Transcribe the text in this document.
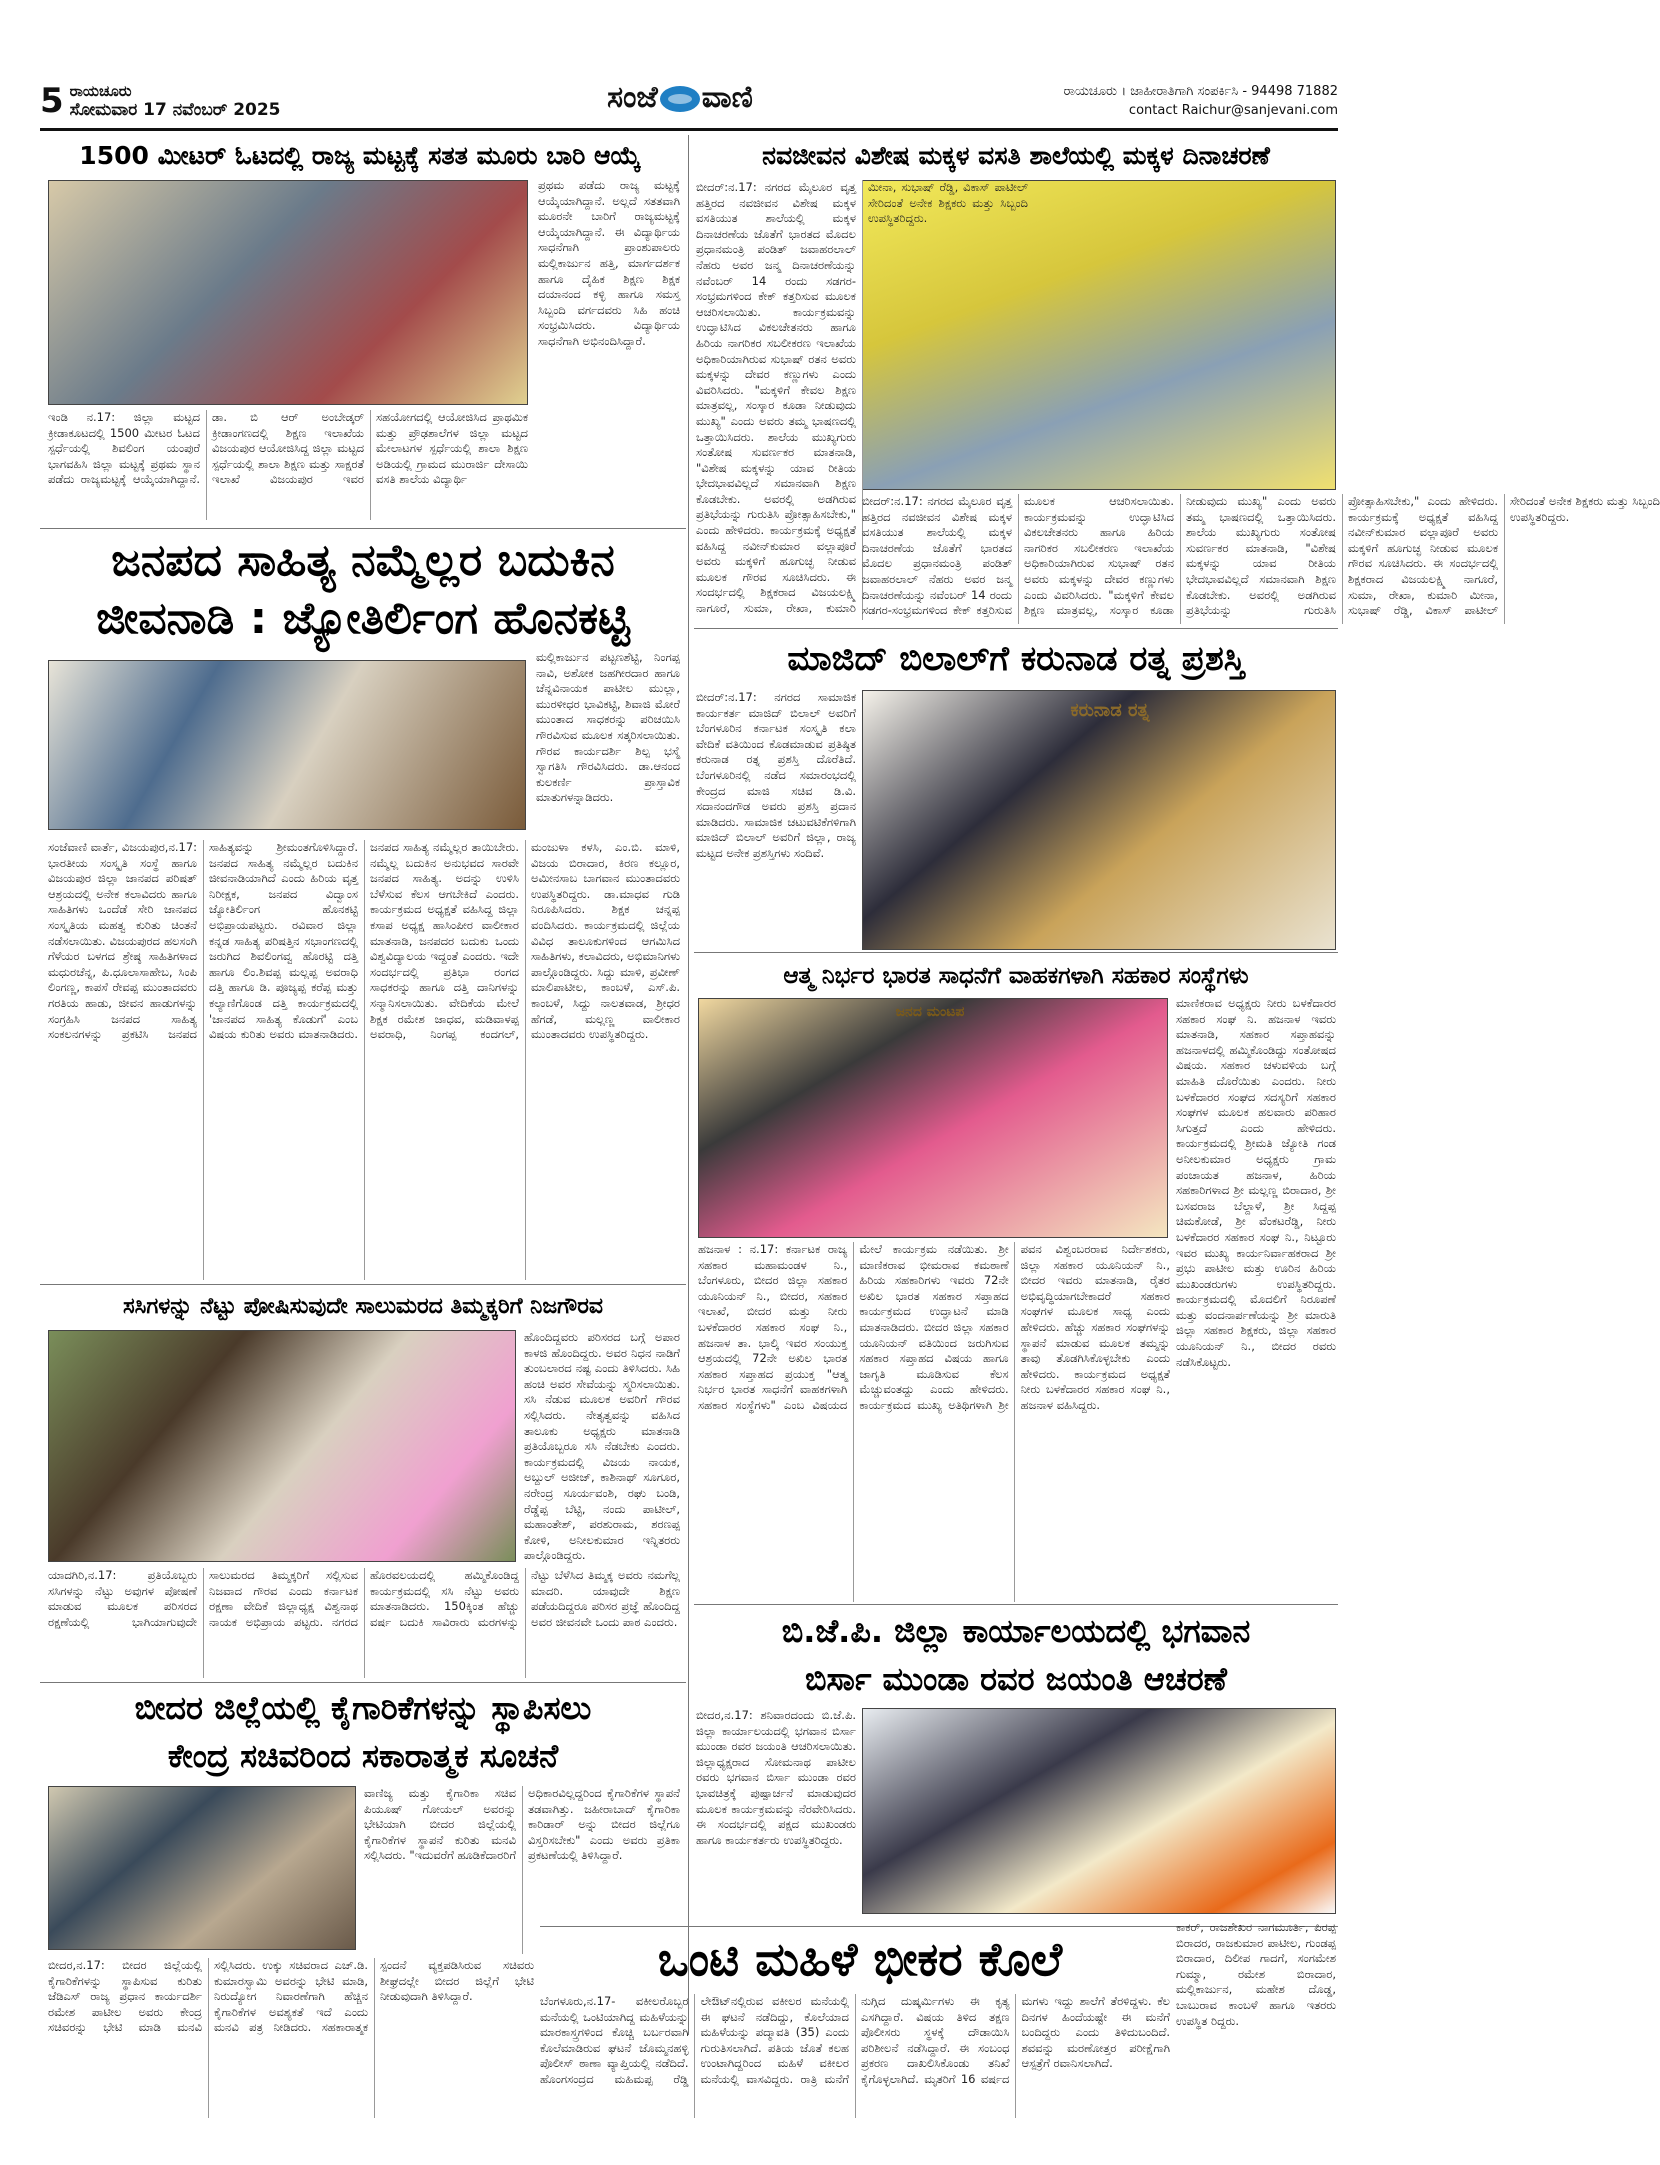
5 ರಾಯಚೂರು
ಸೋಮವಾರ 17 ನವೆಂಬರ್ 2025	ಸಂಜೆ ವಾಣಿ	ರಾಯಚೂರು । ಜಾಹೀರಾತಿಗಾಗಿ ಸಂಪರ್ಕಿಸಿ - 94498 71882
contact Raichur@sanjevani.com
1500 ಮೀಟರ್ ಓಟದಲ್ಲಿ ರಾಜ್ಯ ಮಟ್ಟಕ್ಕೆ ಸತತ ಮೂರು ಬಾರಿ ಆಯ್ಕೆ
ಇಂಡಿ ನ.17: ಜಿಲ್ಲಾ ಮಟ್ಟದ ಕ್ರೀಡಾಕೂಟದಲ್ಲಿ 1500 ಮೀಟರ ಓಟದ ಸ್ಪರ್ಧೆಯಲ್ಲಿ ಶಿವಲಿಂಗ ಯಂಪುರೆ ಭಾಗವಹಿಸಿ ಜಿಲ್ಲಾ ಮಟ್ಟಕ್ಕೆ ಪ್ರಥಮ ಸ್ಥಾನ ಪಡೆದು ರಾಜ್ಯಮಟ್ಟಕ್ಕೆ ಆಯ್ಕೆಯಾಗಿದ್ದಾನೆ. ಡಾ. ಬಿ ಆರ್ ಅಂಬೇಡ್ಕರ್ ಕ್ರೀಡಾಂಗಣದಲ್ಲಿ ಶಿಕ್ಷಣ ಇಲಾಖೆಯ ವಿಜಯಪುರ ಆಯೋಜಿಸಿದ್ದ ಜಿಲ್ಲಾ ಮಟ್ಟದ ಸ್ಪರ್ಧೆಯಲ್ಲಿ ಶಾಲಾ ಶಿಕ್ಷಣ ಮತ್ತು ಸಾಕ್ಷರತೆ ಇಲಾಖೆ ವಿಜಯಪುರ ಇವರ ಸಹಯೋಗದಲ್ಲಿ ಆಯೋಜಿಸಿದ ಪ್ರಾಥಮಿಕ ಮತ್ತು ಪ್ರೌಢಶಾಲೆಗಳ ಜಿಲ್ಲಾ ಮಟ್ಟದ ಮೇಲಾಟಗಳ ಸ್ಪರ್ಧೆಯಲ್ಲಿ ಶಾಲಾ ಶಿಕ್ಷಣ ಅಡಿಯಲ್ಲಿ ಗ್ರಾಮದ ಮುರಾರ್ಜಿ ದೇಸಾಯಿ ವಸತಿ ಶಾಲೆಯ ವಿದ್ಯಾರ್ಥಿ
ಪ್ರಥಮ ಪಡೆದು ರಾಜ್ಯ ಮಟ್ಟಕ್ಕೆ ಆಯ್ಕೆಯಾಗಿದ್ದಾನೆ. ಅಲ್ಲದೆ ಸತತವಾಗಿ ಮೂರನೇ ಬಾರಿಗೆ ರಾಜ್ಯಮಟ್ಟಕ್ಕೆ ಆಯ್ಕೆಯಾಗಿದ್ದಾನೆ. ಈ ವಿದ್ಯಾರ್ಥಿಯ ಸಾಧನೆಗಾಗಿ ಪ್ರಾಂಶುಪಾಲರು ಮಲ್ಲಿಕಾರ್ಜುನ ಹತ್ತಿ, ಮಾರ್ಗದರ್ಶಕ ಹಾಗೂ ದೈಹಿಕ ಶಿಕ್ಷಣ ಶಿಕ್ಷಕ ದಯಾನಂದ ಕಳ್ಳಿ ಹಾಗೂ ಸಮಸ್ತ ಸಿಬ್ಬಂದಿ ವರ್ಗದವರು ಸಿಹಿ ಹಂಚಿ ಸಂಭ್ರಮಿಸಿದರು. ವಿದ್ಯಾರ್ಥಿಯ ಸಾಧನೆಗಾಗಿ ಅಭಿನಂದಿಸಿದ್ದಾರೆ.
ನವಜೀವನ ವಿಶೇಷ ಮಕ್ಕಳ ವಸತಿ ಶಾಲೆಯಲ್ಲಿ ಮಕ್ಕಳ ದಿನಾಚರಣೆ
ಬೀದರ್:ನ.17: ನಗರದ ಮೈಲೂರ ವೃತ್ತ ಹತ್ತಿರದ ನವಜೀವನ ವಿಶೇಷ ಮಕ್ಕಳ ವಸತಿಯುತ ಶಾಲೆಯಲ್ಲಿ ಮಕ್ಕಳ ದಿನಾಚರಣೆಯ ಜೊತೆಗೆ ಭಾರತದ ಮೊದಲ ಪ್ರಧಾನಮಂತ್ರಿ ಪಂಡಿತ್ ಜವಾಹರಲಾಲ್ ನೆಹರು ಅವರ ಜನ್ಮ ದಿನಾಚರಣೆಯನ್ನು ನವೆಂಬರ್ 14 ರಂದು ಸಡಗರ-ಸಂಭ್ರಮಗಳಿಂದ ಕೇಕ್ ಕತ್ತರಿಸುವ ಮೂಲಕ ಆಚರಿಸಲಾಯಿತು. ಕಾರ್ಯಕ್ರಮವನ್ನು ಉದ್ಘಾಟಿಸಿದ ವಿಕಲಚೇತನರು ಹಾಗೂ ಹಿರಿಯ ನಾಗರಿಕರ ಸಬಲೀಕರಣ ಇಲಾಖೆಯ ಅಧಿಕಾರಿಯಾಗಿರುವ ಸುಭಾಷ್ ರತನ ಅವರು ಮಕ್ಕಳನ್ನು ದೇವರ ಕಣ್ಣುಗಳು ಎಂದು ವಿವರಿಸಿದರು. "ಮಕ್ಕಳಿಗೆ ಕೇವಲ ಶಿಕ್ಷಣ ಮಾತ್ರವಲ್ಲ, ಸಂಸ್ಕಾರ ಕೂಡಾ ನೀಡುವುದು ಮುಖ್ಯ" ಎಂದು ಅವರು ತಮ್ಮ ಭಾಷಣದಲ್ಲಿ ಒತ್ತಾಯಿಸಿದರು. ಶಾಲೆಯ ಮುಖ್ಯಗುರು ಸಂತೋಷ ಸುವರ್ಣಕರ ಮಾತನಾಡಿ, "ವಿಶೇಷ ಮಕ್ಕಳನ್ನು ಯಾವ ರೀತಿಯ ಭೇದಭಾವವಿಲ್ಲದೆ ಸಮಾನವಾಗಿ ಶಿಕ್ಷಣ ಕೊಡಬೇಕು. ಅವರಲ್ಲಿ ಅಡಗಿರುವ ಪ್ರತಿಭೆಯನ್ನು ಗುರುತಿಸಿ ಪ್ರೋತ್ಸಾಹಿಸಬೇಕು," ಎಂದು ಹೇಳಿದರು. ಕಾರ್ಯಕ್ರಮಕ್ಕೆ ಅಧ್ಯಕ್ಷತೆ ವಹಿಸಿದ್ದ ನವೀನ್‌ಕುಮಾರ ವಲ್ಲಾಪೂರೆ ಅವರು ಮಕ್ಕಳಿಗೆ ಹೂಗುಚ್ಛ ನೀಡುವ ಮೂಲಕ ಗೌರವ ಸೂಚಿಸಿದರು. ಈ ಸಂದರ್ಭದಲ್ಲಿ ಶಿಕ್ಷಕರಾದ ವಿಜಯಲಕ್ಷ್ಮಿ ನಾಗೂರೆ, ಸುಮಾ, ರೇಖಾ, ಕುಮಾರಿ
ಬೀದರ್:ನ.17: ನಗರದ ಮೈಲೂರ ವೃತ್ತ ಹತ್ತಿರದ ನವಜೀವನ ವಿಶೇಷ ಮಕ್ಕಳ ವಸತಿಯುತ ಶಾಲೆಯಲ್ಲಿ ಮಕ್ಕಳ ದಿನಾಚರಣೆಯ ಜೊತೆಗೆ ಭಾರತದ ಮೊದಲ ಪ್ರಧಾನಮಂತ್ರಿ ಪಂಡಿತ್ ಜವಾಹರಲಾಲ್ ನೆಹರು ಅವರ ಜನ್ಮ ದಿನಾಚರಣೆಯನ್ನು ನವೆಂಬರ್ 14 ರಂದು ಸಡಗರ-ಸಂಭ್ರಮಗಳಿಂದ ಕೇಕ್ ಕತ್ತರಿಸುವ ಮೂಲಕ ಆಚರಿಸಲಾಯಿತು. ಕಾರ್ಯಕ್ರಮವನ್ನು ಉದ್ಘಾಟಿಸಿದ ವಿಕಲಚೇತನರು ಹಾಗೂ ಹಿರಿಯ ನಾಗರಿಕರ ಸಬಲೀಕರಣ ಇಲಾಖೆಯ ಅಧಿಕಾರಿಯಾಗಿರುವ ಸುಭಾಷ್ ರತನ ಅವರು ಮಕ್ಕಳನ್ನು ದೇವರ ಕಣ್ಣುಗಳು ಎಂದು ವಿವರಿಸಿದರು. "ಮಕ್ಕಳಿಗೆ ಕೇವಲ ಶಿಕ್ಷಣ ಮಾತ್ರವಲ್ಲ, ಸಂಸ್ಕಾರ ಕೂಡಾ ನೀಡುವುದು ಮುಖ್ಯ" ಎಂದು ಅವರು ತಮ್ಮ ಭಾಷಣದಲ್ಲಿ ಒತ್ತಾಯಿಸಿದರು. ಶಾಲೆಯ ಮುಖ್ಯಗುರು ಸಂತೋಷ ಸುವರ್ಣಕರ ಮಾತನಾಡಿ, "ವಿಶೇಷ ಮಕ್ಕಳನ್ನು ಯಾವ ರೀತಿಯ ಭೇದಭಾವವಿಲ್ಲದೆ ಸಮಾನವಾಗಿ ಶಿಕ್ಷಣ ಕೊಡಬೇಕು. ಅವರಲ್ಲಿ ಅಡಗಿರುವ ಪ್ರತಿಭೆಯನ್ನು ಗುರುತಿಸಿ ಪ್ರೋತ್ಸಾಹಿಸಬೇಕು," ಎಂದು ಹೇಳಿದರು. ಕಾರ್ಯಕ್ರಮಕ್ಕೆ ಅಧ್ಯಕ್ಷತೆ ವಹಿಸಿದ್ದ ನವೀನ್‌ಕುಮಾರ ವಲ್ಲಾಪೂರೆ ಅವರು ಮಕ್ಕಳಿಗೆ ಹೂಗುಚ್ಛ ನೀಡುವ ಮೂಲಕ ಗೌರವ ಸೂಚಿಸಿದರು. ಈ ಸಂದರ್ಭದಲ್ಲಿ ಶಿಕ್ಷಕರಾದ ವಿಜಯಲಕ್ಷ್ಮಿ ನಾಗೂರೆ, ಸುಮಾ, ರೇಖಾ, ಕುಮಾರಿ ಮೀನಾ, ಸುಭಾಷ್ ರೆಡ್ಡಿ, ವಿಕಾಸ್ ಪಾಟೀಲ್ ಸೇರಿದಂತೆ ಅನೇಕ ಶಿಕ್ಷಕರು ಮತ್ತು ಸಿಬ್ಬಂದಿ ಉಪಸ್ಥಿತರಿದ್ದರು.
ಜನಪದ ಸಾಹಿತ್ಯ ನಮ್ಮೆಲ್ಲರ ಬದುಕಿನ
ಜೀವನಾಡಿ : ಜ್ಯೋತಿರ್ಲಿಂಗ ಹೊನಕಟ್ಟಿ
ಮಲ್ಲಿಕಾರ್ಜುನ ಪಟ್ಟಣಶೆಟ್ಟಿ, ನಿಂಗಪ್ಪ ನಾವಿ, ಅಶೋಕ ಜಹಗೀರದಾರ ಹಾಗೂ ಚೆನ್ನವಿನಾಯಕ ಪಾಟೀಲ ಮುಲ್ಲಾ, ಮುರಳೀಧರ ಭಾವಿಕಟ್ಟಿ, ಶಿವಾಜಿ ಮೋರೆ ಮುಂತಾದ ಸಾಧಕರನ್ನು ಪರಿಚಯಿಸಿ ಗೌರವಿಸುವ ಮೂಲಕ ಸತ್ಕರಿಸಲಾಯಿತು. ಗೌರವ ಕಾರ್ಯದರ್ಶಿ ಶಿಲ್ಪ ಭಸ್ಮೆ ಸ್ವಾಗತಿಸಿ ಗೌರವಿಸಿದರು. ಡಾ.ಆನಂದ ಕುಲಕರ್ಣಿ ಪ್ರಾಸ್ತಾವಿಕ ಮಾತುಗಳನ್ನಾಡಿದರು.
ಸಂಜೆವಾಣಿ ವಾರ್ತೆ, ವಿಜಯಪುರ,ನ.17: ಭಾರತೀಯ ಸಂಸ್ಕೃತಿ ಸಂಸ್ಥೆ ಹಾಗೂ ವಿಜಯಪುರ ಜಿಲ್ಲಾ ಜಾನಪದ ಪರಿಷತ್ ಆಶ್ರಯದಲ್ಲಿ ಅನೇಕ ಕಲಾವಿದರು ಹಾಗೂ ಸಾಹಿತಿಗಳು ಒಂದೆಡೆ ಸೇರಿ ಜಾನಪದ ಸಂಸ್ಕೃತಿಯ ಮಹತ್ವ ಕುರಿತು ಚಿಂತನೆ ನಡೆಸಲಾಯಿತು. ವಿಜಯಪುರದ ಹಲಸಂಗಿ ಗೆಳೆಯರ ಬಳಗದ ಶ್ರೇಷ್ಠ ಸಾಹಿತಿಗಳಾದ ಮಧುರಚೆನ್ನ, ಪಿ.ಧೂಲಾಸಾಹೇಬ, ಸಿಂಪಿ ಲಿಂಗಣ್ಣ, ಕಾಪಸೆ ರೇವಪ್ಪ ಮುಂತಾದವರು ಗರತಿಯ ಹಾಡು, ಜೀವನ ಹಾಡುಗಳನ್ನು ಸಂಗ್ರಹಿಸಿ ಜನಪದ ಸಾಹಿತ್ಯ ಸಂಕಲನಗಳನ್ನು ಪ್ರಕಟಿಸಿ ಜನಪದ ಸಾಹಿತ್ಯವನ್ನು ಶ್ರೀಮಂತಗೊಳಿಸಿದ್ದಾರೆ. ಜನಪದ ಸಾಹಿತ್ಯ ನಮ್ಮೆಲ್ಲರ ಬದುಕಿನ ಜೀವನಾಡಿಯಾಗಿದೆ ಎಂದು ಹಿರಿಯ ವೃತ್ತ ನಿರೀಕ್ಷಕ, ಜನಪದ ವಿದ್ವಾಂಸ ಜ್ಯೋತಿರ್ಲಿಂಗ ಹೊನಕಟ್ಟಿ ಅಭಿಪ್ರಾಯಪಟ್ಟರು. ರವಿವಾರ ಜಿಲ್ಲಾ ಕನ್ನಡ ಸಾಹಿತ್ಯ ಪರಿಷತ್ತಿನ ಸಭಾಂಗಣದಲ್ಲಿ ಜರುಗಿದ ಶಿವಲಿಂಗವ್ವ ಹೊರಟ್ಟಿ ದತ್ತಿ ಹಾಗೂ ಲಿಂ.ಶಿವಪ್ಪ ಮಲ್ಲಪ್ಪ ಅವರಾಧಿ ದತ್ತಿ ಹಾಗೂ ಡಿ. ಪೂಜ್ಯಪ್ಪ ಕರೆಪ್ಪ ಮತ್ತು ಕಲ್ಯಾಣಿಗೊಂಡ ದತ್ತಿ ಕಾರ್ಯಕ್ರಮದಲ್ಲಿ 'ಜಾನಪದ ಸಾಹಿತ್ಯ ಕೊಡುಗೆ' ಎಂಬ ವಿಷಯ ಕುರಿತು ಅವರು ಮಾತನಾಡಿದರು. ಜನಪದ ಸಾಹಿತ್ಯ ನಮ್ಮೆಲ್ಲರ ತಾಯಿಬೇರು. ನಮ್ಮೆಲ್ಲ ಬದುಕಿನ ಅನುಭವದ ಸಾರವೇ ಜನಪದ ಸಾಹಿತ್ಯ. ಅದನ್ನು ಉಳಿಸಿ ಬೆಳೆಸುವ ಕೆಲಸ ಆಗಬೇಕಿದೆ ಎಂದರು. ಕಾರ್ಯಕ್ರಮದ ಅಧ್ಯಕ್ಷತೆ ವಹಿಸಿದ್ದ ಜಿಲ್ಲಾ ಕಸಾಪ ಅಧ್ಯಕ್ಷ ಹಾಸಿಂಪೀರ ವಾಲೀಕಾರ ಮಾತನಾಡಿ, ಜನಪದರ ಬದುಕು ಒಂದು ವಿಶ್ವವಿದ್ಯಾಲಯ ಇದ್ದಂತೆ ಎಂದರು. ಇದೇ ಸಂದರ್ಭದಲ್ಲಿ ಪ್ರತಿಭಾ ರಂಗದ ಸಾಧಕರನ್ನು ಹಾಗೂ ದತ್ತಿ ದಾನಿಗಳನ್ನು ಸನ್ಮಾನಿಸಲಾಯಿತು. ವೇದಿಕೆಯ ಮೇಲೆ ಶಿಕ್ಷಕ ರಮೇಶ ಜಾಧವ, ಮಡಿವಾಳಪ್ಪ ಅವರಾಧಿ, ನಿಂಗಪ್ಪ ಕಂದಗಲ್, ಮಂಜುಳಾ ಕಳಸಿ, ಎಂ.ಬಿ. ಮಾಳಿ, ವಿಜಯ ಬಿರಾದಾರ, ಕಿರಣ ಕಲ್ಲೂರ, ಅಮೀನಸಾಬ ಬಾಗವಾನ ಮುಂತಾದವರು ಉಪಸ್ಥಿತರಿದ್ದರು. ಡಾ.ಮಾಧವ ಗುಡಿ ನಿರೂಪಿಸಿದರು. ಶಿಕ್ಷಕ ಚನ್ನಪ್ಪ ವಂದಿಸಿದರು. ಕಾರ್ಯಕ್ರಮದಲ್ಲಿ ಜಿಲ್ಲೆಯ ವಿವಿಧ ತಾಲೂಕುಗಳಿಂದ ಆಗಮಿಸಿದ ಸಾಹಿತಿಗಳು, ಕಲಾವಿದರು, ಅಭಿಮಾನಿಗಳು ಪಾಲ್ಗೊಂಡಿದ್ದರು. ಸಿದ್ದು ಮಾಳಿ, ಪ್ರವೀಣ್ ಮಾಲಿಪಾಟೀಲ, ಕಾಂಬಳೆ, ಎಸ್.ಪಿ. ಕಾಂಬಳೆ, ಸಿದ್ದು ನಾಲತವಾಡ, ಶ್ರೀಧರ ಹೆಗಡೆ, ಮಲ್ಲಣ್ಣ ವಾಲೀಕಾರ ಮುಂತಾದವರು ಉಪಸ್ಥಿತರಿದ್ದರು.
ಮಾಜಿದ್ ಬಿಲಾಲ್‌ಗೆ ಕರುನಾಡ ರತ್ನ ಪ್ರಶಸ್ತಿ
ಬೀದರ್:ನ.17: ನಗರದ ಸಾಮಾಜಿಕ ಕಾರ್ಯಕರ್ತ ಮಾಜಿದ್ ಬಿಲಾಲ್ ಅವರಿಗೆ ಬೆಂಗಳೂರಿನ ಕರ್ನಾಟಕ ಸಂಸ್ಕೃತಿ ಕಲಾ ವೇದಿಕೆ ವತಿಯಿಂದ ಕೊಡಮಾಡುವ ಪ್ರತಿಷ್ಠಿತ ಕರುನಾಡ ರತ್ನ ಪ್ರಶಸ್ತಿ ದೊರೆತಿದೆ. ಬೆಂಗಳೂರಿನಲ್ಲಿ ನಡೆದ ಸಮಾರಂಭದಲ್ಲಿ ಕೇಂದ್ರದ ಮಾಜಿ ಸಚಿವ ಡಿ.ವಿ. ಸದಾನಂದಗೌಡ ಅವರು ಪ್ರಶಸ್ತಿ ಪ್ರದಾನ ಮಾಡಿದರು. ಸಾಮಾಜಿಕ ಚಟುವಟಿಕೆಗಳಿಗಾಗಿ ಮಾಜಿದ್ ಬಿಲಾಲ್ ಅವರಿಗೆ ಜಿಲ್ಲಾ, ರಾಜ್ಯ ಮಟ್ಟದ ಅನೇಕ ಪ್ರಶಸ್ತಿಗಳು ಸಂದಿವೆ.
ಕರುನಾಡ ರತ್ನ
ಆತ್ಮ ನಿರ್ಭರ ಭಾರತ ಸಾಧನೆಗೆ ವಾಹಕಗಳಾಗಿ ಸಹಕಾರ ಸಂಸ್ಥೆಗಳು
ಜನದ ಮಂಟಪ
ಮಾಣಿಕರಾವ ಅಧ್ಯಕ್ಷರು ನೀರು ಬಳಕೆದಾರರ ಸಹಕಾರ ಸಂಘ ನಿ. ಹಜನಾಳ ಇವರು ಮಾತನಾಡಿ, ಸಹಕಾರ ಸಪ್ತಾಹವನ್ನು ಹಜನಾಳದಲ್ಲಿ ಹಮ್ಮಿಕೊಂಡಿದ್ದು ಸಂತೋಷದ ವಿಷಯ. ಸಹಕಾರ ಚಳುವಳಿಯ ಬಗ್ಗೆ ಮಾಹಿತಿ ದೊರೆಯಿತು ಎಂದರು. ನೀರು ಬಳಕೆದಾರರ ಸಂಘದ ಸದಸ್ಯರಿಗೆ ಸಹಕಾರ ಸಂಘಗಳ ಮೂಲಕ ಹಲವಾರು ಪರಿಹಾರ ಸಿಗುತ್ತದೆ ಎಂದು ಹೇಳಿದರು. ಕಾರ್ಯಕ್ರಮದಲ್ಲಿ ಶ್ರೀಮತಿ ಜ್ಯೋತಿ ಗಂಡ ಅನೀಲಕುಮಾರ ಅಧ್ಯಕ್ಷರು ಗ್ರಾಮ ಪಂಚಾಯತ ಹಜನಾಳ, ಹಿರಿಯ ಸಹಕಾರಿಗಳಾದ ಶ್ರೀ ಮಲ್ಲಣ್ಣ ಬಿರಾದಾರ, ಶ್ರೀ ಬಸವರಾಜ ಬೆಲ್ದಾಳೆ, ಶ್ರೀ ಸಿದ್ದಪ್ಪ ಚಿಮಕೋಡೆ, ಶ್ರೀ ವೆಂಕಟರೆಡ್ಡಿ, ನೀರು ಬಳಕೆದಾರರ ಸಹಕಾರ ಸಂಘ ನಿ., ನಿಟ್ಟೂರು ಇವರ ಮುಖ್ಯ ಕಾರ್ಯನಿರ್ವಾಹಕರಾದ ಶ್ರೀ ಪ್ರಭು ಪಾಟೀಲ ಮತ್ತು ಊರಿನ ಹಿರಿಯ ಮುಖಂಡರುಗಳು ಉಪಸ್ಥಿತರಿದ್ದರು. ಕಾರ್ಯಕ್ರಮದಲ್ಲಿ ಮೊದಲಿಗೆ ನಿರೂಪಣೆ ಮತ್ತು ವಂದನಾರ್ಪಣೆಯನ್ನು ಶ್ರೀ ಮಾರುತಿ ಜಿಲ್ಲಾ ಸಹಕಾರ ಶಿಕ್ಷಕರು, ಜಿಲ್ಲಾ ಸಹಕಾರ ಯೂನಿಯನ್ ನಿ., ಬೀದರ ರವರು ನಡೆಸಿಕೊಟ್ಟರು.
ಹಜನಾಳ : ನ.17: ಕರ್ನಾಟಕ ರಾಜ್ಯ ಸಹಕಾರ ಮಹಾಮಂಡಳ ನಿ., ಬೆಂಗಳೂರು, ಬೀದರ ಜಿಲ್ಲಾ ಸಹಕಾರ ಯೂನಿಯನ್ ನಿ., ಬೀದರ, ಸಹಕಾರ ಇಲಾಖೆ, ಬೀದರ ಮತ್ತು ನೀರು ಬಳಕೆದಾರರ ಸಹಕಾರ ಸಂಘ ನಿ., ಹಜನಾಳ ತಾ. ಭಾಲ್ಕಿ ಇವರ ಸಂಯುಕ್ತ ಆಶ್ರಯದಲ್ಲಿ 72ನೇ ಅಖಿಲ ಭಾರತ ಸಹಕಾರ ಸಪ್ತಾಹದ ಪ್ರಯುಕ್ತ "ಆತ್ಮ ನಿರ್ಭರ ಭಾರತ ಸಾಧನೆಗೆ ವಾಹಕಗಳಾಗಿ ಸಹಕಾರ ಸಂಸ್ಥೆಗಳು" ಎಂಬ ವಿಷಯದ ಮೇಲೆ ಕಾರ್ಯಕ್ರಮ ನಡೆಯಿತು. ಶ್ರೀ ಮಾಣಿಕರಾವ ಭೀಮರಾವ ಕಮಠಾಣೆ ಹಿರಿಯ ಸಹಕಾರಿಗಳು ಇವರು 72ನೇ ಅಖಿಲ ಭಾರತ ಸಹಕಾರ ಸಪ್ತಾಹದ ಕಾರ್ಯಕ್ರಮದ ಉದ್ಘಾಟನೆ ಮಾಡಿ ಮಾತನಾಡಿದರು. ಬೀದರ ಜಿಲ್ಲಾ ಸಹಕಾರ ಯೂನಿಯನ್ ವತಿಯಿಂದ ಜರುಗಿಸುವ ಸಹಕಾರ ಸಪ್ತಾಹದ ವಿಷಯ ಹಾಗೂ ಜಾಗೃತಿ ಮೂಡಿಸುವ ಕೆಲಸ ಮೆಚ್ಚುವಂತದ್ದು ಎಂದು ಹೇಳಿದರು. ಕಾರ್ಯಕ್ರಮದ ಮುಖ್ಯ ಅತಿಥಿಗಳಾಗಿ ಶ್ರೀ ಪವನ ವಿಶ್ವಂಬರರಾವ ನಿರ್ದೇಶಕರು, ಜಿಲ್ಲಾ ಸಹಕಾರ ಯೂನಿಯನ್ ನಿ., ಬೀದರ ಇವರು ಮಾತನಾಡಿ, ರೈತರ ಅಭಿವೃದ್ಧಿಯಾಗಬೇಕಾದರೆ ಸಹಕಾರ ಸಂಘಗಳ ಮೂಲಕ ಸಾಧ್ಯ ಎಂದು ಹೇಳಿದರು. ಹೆಚ್ಚು ಸಹಕಾರ ಸಂಘಗಳನ್ನು ಸ್ಥಾಪನೆ ಮಾಡುವ ಮೂಲಕ ತಮ್ಮನ್ನು ತಾವು ತೊಡಗಿಸಿಕೊಳ್ಳಬೇಕು ಎಂದು ಹೇಳಿದರು. ಕಾರ್ಯಕ್ರಮದ ಅಧ್ಯಕ್ಷತೆ ನೀರು ಬಳಕೆದಾರರ ಸಹಕಾರ ಸಂಘ ನಿ., ಹಜನಾಳ ವಹಿಸಿದ್ದರು.
ಸಸಿಗಳನ್ನು ನೆಟ್ಟು ಪೋಷಿಸುವುದೇ ಸಾಲುಮರದ ತಿಮ್ಮಕ್ಕರಿಗೆ ನಿಜಗೌರವ
ಹೊಂದಿದ್ದವರು ಪರಿಸರದ ಬಗ್ಗೆ ಅಪಾರ ಕಾಳಜಿ ಹೊಂದಿದ್ದರು. ಅವರ ನಿಧನ ನಾಡಿಗೆ ತುಂಬಲಾರದ ನಷ್ಟ ಎಂದು ತಿಳಿಸಿದರು. ಸಿಹಿ ಹಂಚಿ ಅವರ ಸೇವೆಯನ್ನು ಸ್ಮರಿಸಲಾಯಿತು. ಸಸಿ ನೆಡುವ ಮೂಲಕ ಅವರಿಗೆ ಗೌರವ ಸಲ್ಲಿಸಿದರು. ನೇತೃತ್ವವನ್ನು ವಹಿಸಿದ ತಾಲೂಕು ಅಧ್ಯಕ್ಷರು ಮಾತನಾಡಿ ಪ್ರತಿಯೊಬ್ಬರೂ ಸಸಿ ನೆಡಬೇಕು ಎಂದರು. ಕಾರ್ಯಕ್ರಮದಲ್ಲಿ ವಿಜಯ ನಾಯಕ, ಅಬ್ದುಲ್ ಅಜೀಜ್, ಕಾಶಿನಾಥ್ ಸೂಗೂರ, ನರೇಂದ್ರ ಸೂರ್ಯವಂಶಿ, ರಘು ಬಂಡಿ, ರೆಡ್ಡೆಪ್ಪ ಬೆಟ್ಟಿ, ನಂದು ಪಾಟೀಲ್, ಮಹಾಂತೇಶ್, ಪರಶುರಾಮ, ಶರಣಪ್ಪ ಕೋಳಿ, ಅನೀಲಕುಮಾರ ಇನ್ನಿತರರು ಪಾಲ್ಗೊಂಡಿದ್ದರು.
ಯಾದಗಿರಿ,ನ.17: ಪ್ರತಿಯೊಬ್ಬರು ಸಸಿಗಳನ್ನು ನೆಟ್ಟು ಅವುಗಳ ಪೋಷಣೆ ಮಾಡುವ ಮೂಲಕ ಪರಿಸರದ ರಕ್ಷಣೆಯಲ್ಲಿ ಭಾಗಿಯಾಗುವುದೇ ಸಾಲುಮರದ ತಿಮ್ಮಕ್ಕರಿಗೆ ಸಲ್ಲಿಸುವ ನಿಜವಾದ ಗೌರವ ಎಂದು ಕರ್ನಾಟಕ ರಕ್ಷಣಾ ವೇದಿಕೆ ಜಿಲ್ಲಾಧ್ಯಕ್ಷ ವಿಶ್ವನಾಥ ನಾಯಕ ಅಭಿಪ್ರಾಯ ಪಟ್ಟರು. ನಗರದ ಹೊರವಲಯದಲ್ಲಿ ಹಮ್ಮಿಕೊಂಡಿದ್ದ ಕಾರ್ಯಕ್ರಮದಲ್ಲಿ ಸಸಿ ನೆಟ್ಟು ಅವರು ಮಾತನಾಡಿದರು. 150ಕ್ಕಿಂತ ಹೆಚ್ಚು ವರ್ಷ ಬದುಕಿ ಸಾವಿರಾರು ಮರಗಳನ್ನು ನೆಟ್ಟು ಬೆಳೆಸಿದ ತಿಮ್ಮಕ್ಕ ಅವರು ನಮಗೆಲ್ಲ ಮಾದರಿ. ಯಾವುದೇ ಶಿಕ್ಷಣ ಪಡೆಯದಿದ್ದರೂ ಪರಿಸರ ಪ್ರಜ್ಞೆ ಹೊಂದಿದ್ದ ಅವರ ಜೀವನವೇ ಒಂದು ಪಾಠ ಎಂದರು.	ಬಿ.ಜೆ.ಪಿ. ಜಿಲ್ಲಾ ಕಾರ್ಯಾಲಯದಲ್ಲಿ ಭಗವಾನ
ಬಿರ್ಸಾ ಮುಂಡಾ ರವರ ಜಯಂತಿ ಆಚರಣೆ
ಬೀದರ,ನ.17: ಶನಿವಾರದಂದು ಬಿ.ಜೆ.ಪಿ. ಜಿಲ್ಲಾ ಕಾರ್ಯಾಲಯದಲ್ಲಿ ಭಗವಾನ ಬಿರ್ಸಾ ಮುಂಡಾ ರವರ ಜಯಂತಿ ಆಚರಿಸಲಾಯಿತು. ಜಿಲ್ಲಾಧ್ಯಕ್ಷರಾದ ಸೋಮನಾಥ ಪಾಟೀಲ ರವರು ಭಗವಾನ ಬಿರ್ಸಾ ಮುಂಡಾ ರವರ ಭಾವಚಿತ್ರಕ್ಕೆ ಪುಷ್ಪಾರ್ಚನೆ ಮಾಡುವುದರ ಮೂಲಕ ಕಾರ್ಯಕ್ರಮವನ್ನು ನೆರವೇರಿಸಿದರು. ಈ ಸಂದರ್ಭದಲ್ಲಿ ಪಕ್ಷದ ಮುಖಂಡರು ಹಾಗೂ ಕಾರ್ಯಕರ್ತರು ಉಪಸ್ಥಿತರಿದ್ದರು.
ಬೀದರ ಜಿಲ್ಲೆಯಲ್ಲಿ ಕೈಗಾರಿಕೆಗಳನ್ನು ಸ್ಥಾಪಿಸಲು
ಕೇಂದ್ರ ಸಚಿವರಿಂದ ಸಕಾರಾತ್ಮಕ ಸೂಚನೆ
ವಾಣಿಜ್ಯ ಮತ್ತು ಕೈಗಾರಿಕಾ ಸಚಿವ ಪಿಯೂಷ್ ಗೋಯಲ್ ಅವರನ್ನು ಭೇಟಿಯಾಗಿ ಬೀದರ ಜಿಲ್ಲೆಯಲ್ಲಿ ಕೈಗಾರಿಕೆಗಳ ಸ್ಥಾಪನೆ ಕುರಿತು ಮನವಿ ಸಲ್ಲಿಸಿದರು. "ಇದುವರೆಗೆ ಹೂಡಿಕೆದಾರರಿಗೆ ಅಧಿಕಾರವಿಲ್ಲದ್ದರಿಂದ ಕೈಗಾರಿಕೆಗಳ ಸ್ಥಾಪನೆ ತಡವಾಗಿತ್ತು. ಜಹೀರಾಬಾದ್ ಕೈಗಾರಿಕಾ ಕಾರಿಡಾರ್ ಅನ್ನು ಬೀದರ ಜಿಲ್ಲೆಗೂ ವಿಸ್ತರಿಸಬೇಕು" ಎಂದು ಅವರು ಪ್ರತಿಕಾ ಪ್ರಕಟಣೆಯಲ್ಲಿ ತಿಳಿಸಿದ್ದಾರೆ.
ಬೀದರ,ನ.17: ಬೀದರ ಜಿಲ್ಲೆಯಲ್ಲಿ ಕೈಗಾರಿಕೆಗಳನ್ನು ಸ್ಥಾಪಿಸುವ ಕುರಿತು ಜೆಡಿಎಸ್ ರಾಜ್ಯ ಪ್ರಧಾನ ಕಾರ್ಯದರ್ಶಿ ರಮೇಶ ಪಾಟೀಲ ಅವರು ಕೇಂದ್ರ ಸಚಿವರನ್ನು ಭೇಟಿ ಮಾಡಿ ಮನವಿ ಸಲ್ಲಿಸಿದರು. ಉಕ್ಕು ಸಚಿವರಾದ ಎಚ್.ಡಿ. ಕುಮಾರಸ್ವಾಮಿ ಅವರನ್ನು ಭೇಟಿ ಮಾಡಿ, ನಿರುದ್ಯೋಗ ನಿವಾರಣೆಗಾಗಿ ಹೆಚ್ಚಿನ ಕೈಗಾರಿಕೆಗಳ ಅವಶ್ಯಕತೆ ಇದೆ ಎಂದು ಮನವಿ ಪತ್ರ ನೀಡಿದರು. ಸಹಕಾರಾತ್ಮಕ ಸ್ಪಂದನೆ ವ್ಯಕ್ತಪಡಿಸಿರುವ ಸಚಿವರು ಶೀಘ್ರದಲ್ಲೇ ಬೀದರ ಜಿಲ್ಲೆಗೆ ಭೇಟಿ ನೀಡುವುದಾಗಿ ತಿಳಿಸಿದ್ದಾರೆ.
ಒಂಟಿ ಮಹಿಳೆ ಭೀಕರ ಕೊಲೆ
ಬೆಂಗಳೂರು,ನ.17- ವಕೀಲರೊಬ್ಬರ ಮನೆಯಲ್ಲಿ ಒಂಟಿಯಾಗಿದ್ದ ಮಹಿಳೆಯನ್ನು ಮಾರಕಾಸ್ತ್ರಗಳಿಂದ ಕೊಚ್ಚಿ ಬರ್ಬರವಾಗಿ ಕೊಲೆಮಾಡಿರುವ ಘಟನೆ ಜೊಮ್ಮನಹಳ್ಳಿ ಪೊಲೀಸ್ ಠಾಣಾ ವ್ಯಾಪ್ತಿಯಲ್ಲಿ ನಡೆದಿದೆ. ಹೊಂಗಸಂದ್ರದ ಮಹಿಮಪ್ಪ ರೆಡ್ಡಿ ಲೇಔಟ್‌ನಲ್ಲಿರುವ ವಕೀಲರ ಮನೆಯಲ್ಲಿ ಈ ಘಟನೆ ನಡೆದಿದ್ದು, ಕೊಲೆಯಾದ ಮಹಿಳೆಯನ್ನು ಪದ್ಮಾವತಿ (35) ಎಂದು ಗುರುತಿಸಲಾಗಿದೆ. ಪತಿಯ ಜೊತೆ ಕಲಹ ಉಂಟಾಗಿದ್ದರಿಂದ ಮಹಿಳೆ ವಕೀಲರ ಮನೆಯಲ್ಲಿ ವಾಸವಿದ್ದರು. ರಾತ್ರಿ ಮನೆಗೆ ನುಗ್ಗಿದ ದುಷ್ಕರ್ಮಿಗಳು ಈ ಕೃತ್ಯ ಎಸಗಿದ್ದಾರೆ. ವಿಷಯ ತಿಳಿದ ತಕ್ಷಣ ಪೊಲೀಸರು ಸ್ಥಳಕ್ಕೆ ದೌಡಾಯಿಸಿ ಪರಿಶೀಲನೆ ನಡೆಸಿದ್ದಾರೆ. ಈ ಸಂಬಂಧ ಪ್ರಕರಣ ದಾಖಲಿಸಿಕೊಂಡು ತನಿಖೆ ಕೈಗೊಳ್ಳಲಾಗಿದೆ. ಮೃತರಿಗೆ 16 ವರ್ಷದ ಮಗಳು ಇದ್ದು ಶಾಲೆಗೆ ತೆರಳಿದ್ದಳು. ಕೆಲ ದಿನಗಳ ಹಿಂದೆಯಷ್ಟೇ ಈ ಮನೆಗೆ ಬಂದಿದ್ದರು ಎಂದು ತಿಳಿದುಬಂದಿದೆ. ಶವವನ್ನು ಮರಣೋತ್ತರ ಪರೀಕ್ಷೆಗಾಗಿ ಆಸ್ಪತ್ರೆಗೆ ರವಾನಿಸಲಾಗಿದೆ.
ಕಾಕರ್, ರಾಜಶೇಖರ ನಾಗಮೂರ್ತಿ, ಪಿರಪ್ಪ ಬಿರಾದರ, ರಾಜಕುಮಾರ ಪಾಟೀಲ, ಗುಂಡಪ್ಪ ಬಿರಾದಾರ, ದಿಲೀಪ ಗಾದಗೆ, ಸಂಗಮೇಶ ಗುಮ್ಮಾ, ರಮೇಶ ಬಿರಾದಾರ, ಮಲ್ಲಿಕಾರ್ಜುನ, ಮಹೇಶ ದೊಡ್ಡ, ಬಾಬುರಾವ ಕಾಂಬಳೆ ಹಾಗೂ ಇತರರು ಉಪಸ್ಥಿತ ರಿದ್ದರು.
